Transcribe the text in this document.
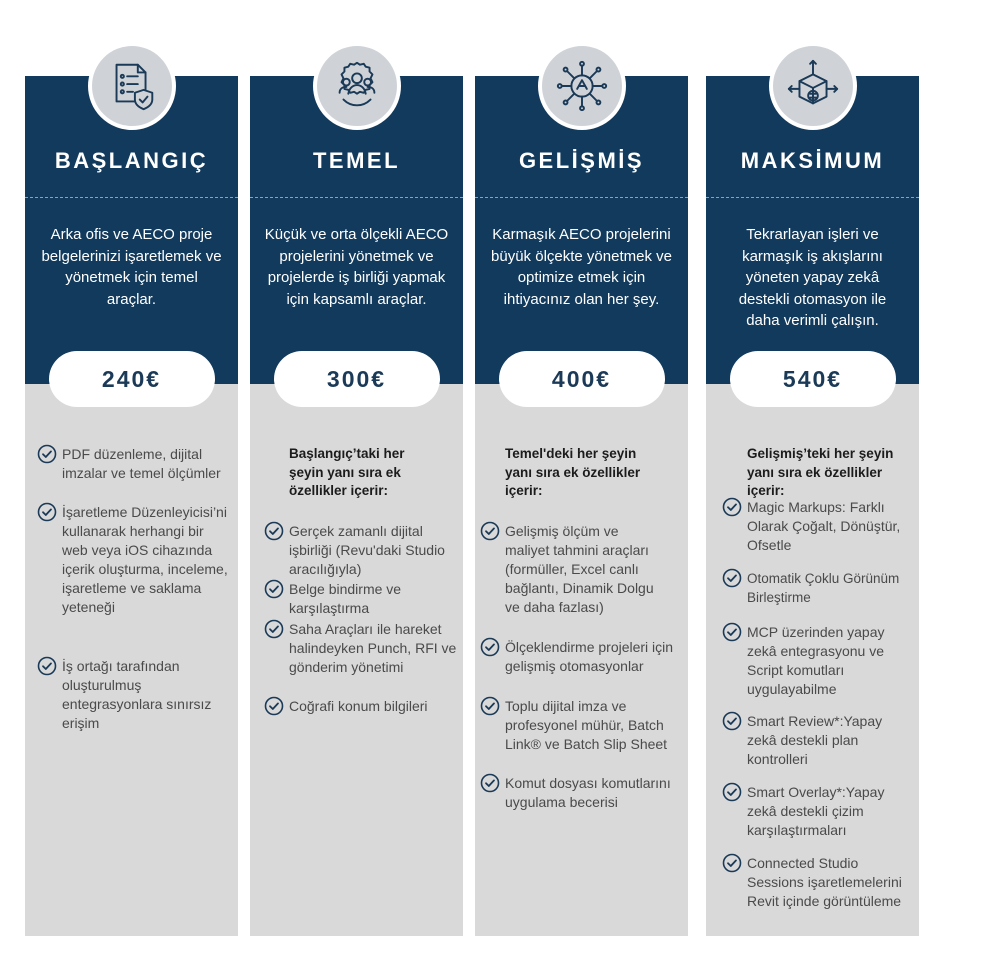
BAŞLANGIÇ
Arka ofis ve AECO proje belgelerinizi işaretlemek ve yönetmek için temel araçlar.
240€
TEMEL
Küçük ve orta ölçekli AECO projelerini yönetmek ve projelerde iş birliği yapmak için kapsamlı araçlar.
300€
GELİŞMİŞ
Karmaşık AECO projelerini büyük ölçekte yönetmek ve optimize etmek için ihtiyacınız olan her şey.
400€
MAKSİMUM
Tekrarlayan işleri ve karmaşık iş akışlarını yöneten yapay zekâ destekli otomasyon ile daha verimli çalışın.
540€
PDF düzenleme, dijital imzalar ve temel ölçümler
İşaretleme Düzenleyicisi’ni kullanarak herhangi bir web veya iOS cihazında içerik oluşturma, inceleme, işaretleme ve saklama yeteneği
İş ortağı tarafından oluşturulmuş entegrasyonlara sınırsız erişim
Başlangıç’taki her şeyin yanı sıra ek özellikler içerir:
Gerçek zamanlı dijital işbirliği (Revu'daki Studio aracılığıyla)
Belge bindirme ve karşılaştırma
Saha Araçları ile hareket halindeyken Punch, RFI ve gönderim yönetimi
Coğrafi konum bilgileri
Temel'deki her şeyin yanı sıra ek özellikler içerir:
Gelişmiş ölçüm ve maliyet tahmini araçları (formüller, Excel canlı bağlantı, Dinamik Dolgu ve daha fazlası)
Ölçeklendirme projeleri için gelişmiş otomasyonlar
Toplu dijital imza ve profesyonel mühür, Batch Link® ve Batch Slip Sheet
Komut dosyası komutlarını uygulama becerisi
Gelişmiş’teki her şeyin yanı sıra ek özellikler içerir:
Magic Markups: Farklı Olarak Çoğalt, Dönüştür, Ofsetle
Otomatik Çoklu Görünüm Birleştirme
MCP üzerinden yapay zekâ entegrasyonu ve Script komutları uygulayabilme
Smart Review*:Yapay zekâ destekli plan kontrolleri
Smart Overlay*:Yapay zekâ destekli çizim karşılaştırmaları
Connected Studio Sessions işaretlemelerini Revit içinde görüntüleme
